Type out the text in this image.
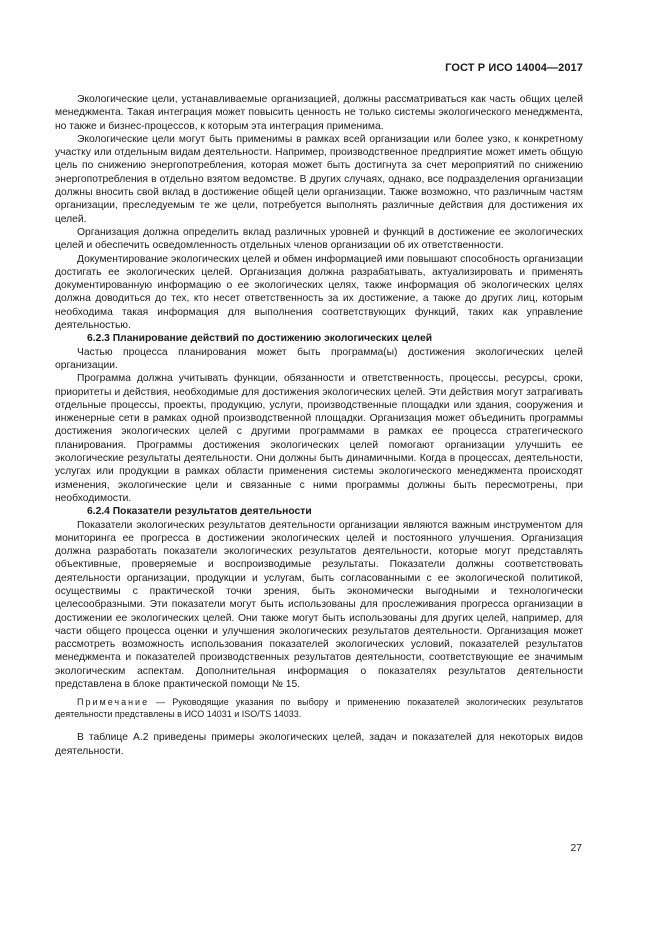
ГОСТ Р ИСО 14004—2017

Экологические цели, устанавливаемые организацией, должны рассматриваться как часть общих целей менеджмента. Такая интеграция может повысить ценность не только системы экологического менеджмента, но также и бизнес-процессов, к которым эта интеграция применима.

Экологические цели могут быть применимы в рамках всей организации или более узко, к конкретному участку или отдельным видам деятельности. Например, производственное предприятие может иметь общую цель по снижению энергопотребления, которая может быть достигнута за счет мероприятий по снижению энергопотребления в отдельно взятом ведомстве. В других случаях, однако, все подразделения организации должны вносить свой вклад в достижение общей цели организации. Также возможно, что различным частям организации, преследуемым те же цели, потребуется выполнять различные действия для достижения их целей.

Организация должна определить вклад различных уровней и функций в достижение ее экологических целей и обеспечить осведомленность отдельных членов организации об их ответственности.

Документирование экологических целей и обмен информацией ими повышают способность организации достигать ее экологических целей. Организация должна разрабатывать, актуализировать и применять документированную информацию о ее экологических целях, также информация об экологических целях должна доводиться до тех, кто несет ответственность за их достижение, а также до других лиц, которым необходима такая информация для выполнения соответствующих функций, таких как управление деятельностью.

6.2.3 Планирование действий по достижению экологических целей

Частью процесса планирования может быть программа(ы) достижения экологических целей организации.

Программа должна учитывать функции, обязанности и ответственность, процессы, ресурсы, сроки, приоритеты и действия, необходимые для достижения экологических целей. Эти действия могут затрагивать отдельные процессы, проекты, продукцию, услуги, производственные площадки или здания, сооружения и инженерные сети в рамках одной производственной площадки. Организация может объединить программы достижения экологических целей с другими программами в рамках ее процесса стратегического планирования. Программы достижения экологических целей помогают организации улучшить ее экологические результаты деятельности. Они должны быть динамичными. Когда в процессах, деятельности, услугах или продукции в рамках области применения системы экологического менеджмента происходят изменения, экологические цели и связанные с ними программы должны быть пересмотрены, при необходимости.

6.2.4 Показатели результатов деятельности

Показатели экологических результатов деятельности организации являются важным инструментом для мониторинга ее прогресса в достижении экологических целей и постоянного улучшения. Организация должна разработать показатели экологических результатов деятельности, которые могут представлять объективные, проверяемые и воспроизводимые результаты. Показатели должны соответствовать деятельности организации, продукции и услугам, быть согласованными с ее экологической политикой, осуществимы с практической точки зрения, быть экономически выгодными и технологически целесообразными. Эти показатели могут быть использованы для прослеживания прогресса организации в достижении ее экологических целей. Они также могут быть использованы для других целей, например, для части общего процесса оценки и улучшения экологических результатов деятельности. Организация может рассмотреть возможность использования показателей экологических условий, показателей результатов менеджмента и показателей производственных результатов деятельности, соответствующие ее значимым экологическим аспектам. Дополнительная информация о показателях результатов деятельности представлена в блоке практической помощи № 15.

Примечание — Руководящие указания по выбору и применению показателей экологических результатов деятельности представлены в ИСО 14031 и ISO/TS 14033.

В таблице А.2 приведены примеры экологических целей, задач и показателей для некоторых видов деятельности.

27
